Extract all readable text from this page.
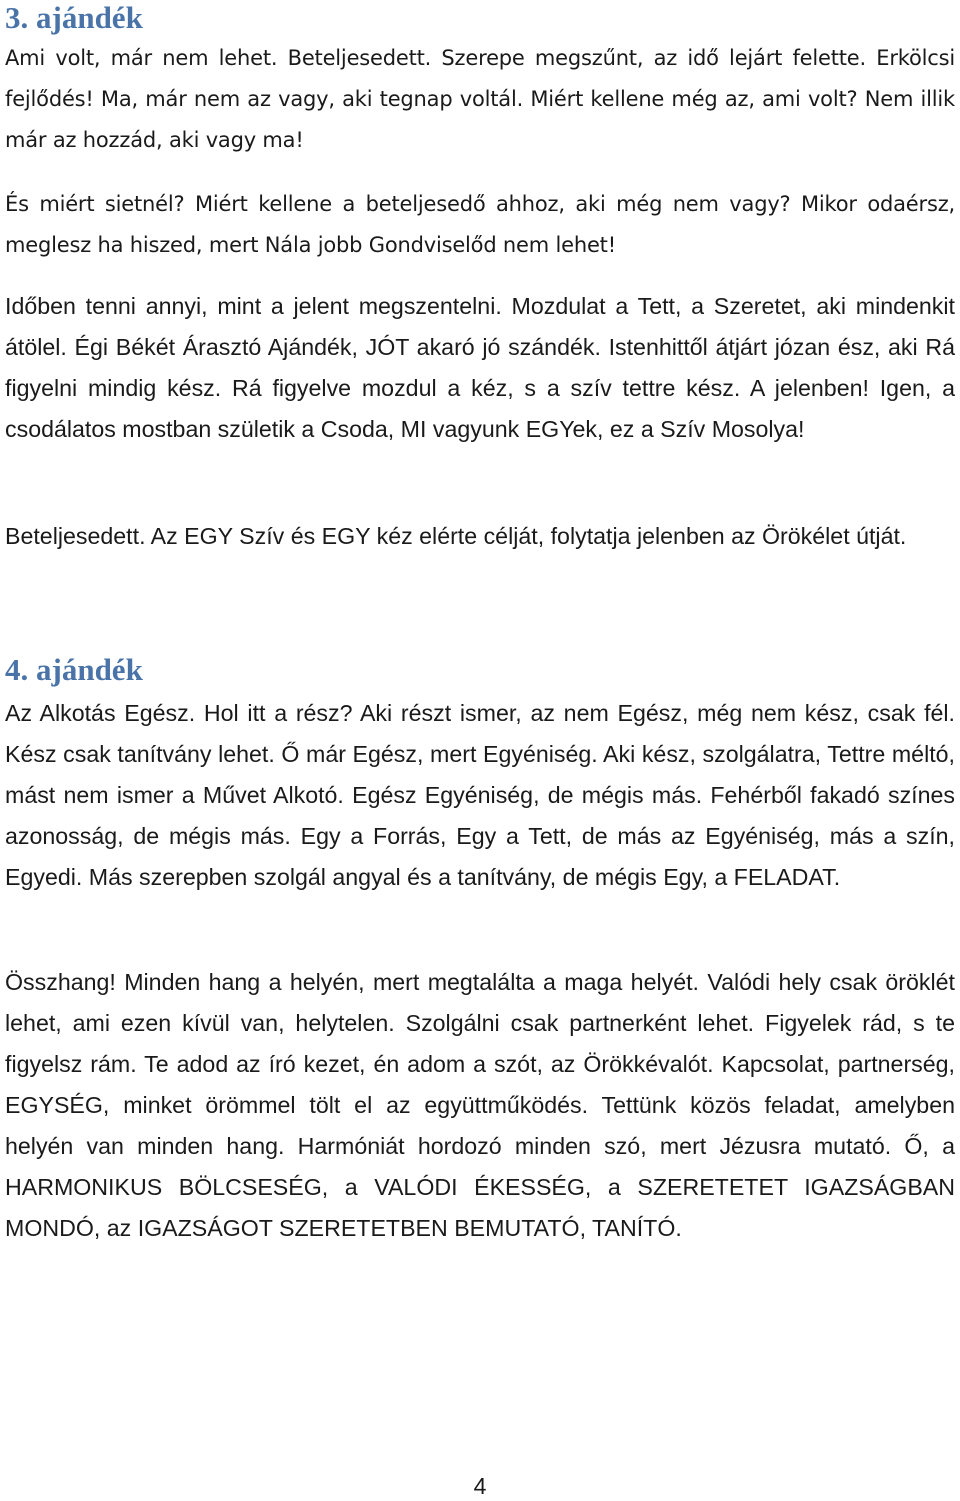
3. ajándék

Ami volt, már nem lehet. Beteljesedett. Szerepe megszűnt, az idő lejárt felette. Erkölcsi fejlődés! Ma, már nem az vagy, aki tegnap voltál. Miért kellene még az, ami volt? Nem illik már az hozzád, aki vagy ma!

És miért sietnél? Miért kellene a beteljesedő ahhoz, aki még nem vagy? Mikor odaérsz, meglesz ha hiszed, mert Nála jobb Gondviselőd nem lehet!

Időben tenni annyi, mint a jelent megszentelni. Mozdulat a Tett, a Szeretet, aki mindenkit átölel. Égi Békét Árasztó Ajándék, JÓT akaró jó szándék. Istenhittől átjárt józan ész, aki Rá figyelni mindig kész. Rá figyelve mozdul a kéz, s a szív tettre kész. A jelenben! Igen, a csodálatos mostban születik a Csoda, MI vagyunk EGYek, ez a Szív Mosolya!

Beteljesedett. Az EGY Szív és EGY kéz elérte célját, folytatja jelenben az Örökélet útját.

4. ajándék

Az Alkotás Egész. Hol itt a rész? Aki részt ismer, az nem Egész, még nem kész, csak fél. Kész csak tanítvány lehet. Ő már Egész, mert Egyéniség. Aki kész, szolgálatra, Tettre méltó, mást nem ismer a Művet Alkotó. Egész Egyéniség, de mégis más. Fehérből fakadó színes azonosság, de mégis más. Egy a Forrás, Egy a Tett, de más az Egyéniség, más a szín, Egyedi. Más szerepben szolgál angyal és a tanítvány, de mégis Egy, a FELADAT.

Összhang! Minden hang a helyén, mert megtalálta a maga helyét. Valódi hely csak öröklét lehet, ami ezen kívül van, helytelen. Szolgálni csak partnerként lehet. Figyelek rád, s te figyelsz rám. Te adod az író kezet, én adom a szót, az Örökkévalót. Kapcsolat, partnerség, EGYSÉG, minket örömmel tölt el az együttműködés. Tettünk közös feladat, amelyben helyén van minden hang. Harmóniát hordozó minden szó, mert Jézusra mutató. Ő, a HARMONIKUS BÖLCSESÉG, a VALÓDI ÉKESSÉG, a SZERETETET IGAZSÁGBAN MONDÓ, az IGAZSÁGOT SZERETETBEN BEMUTATÓ, TANÍTÓ.

4
